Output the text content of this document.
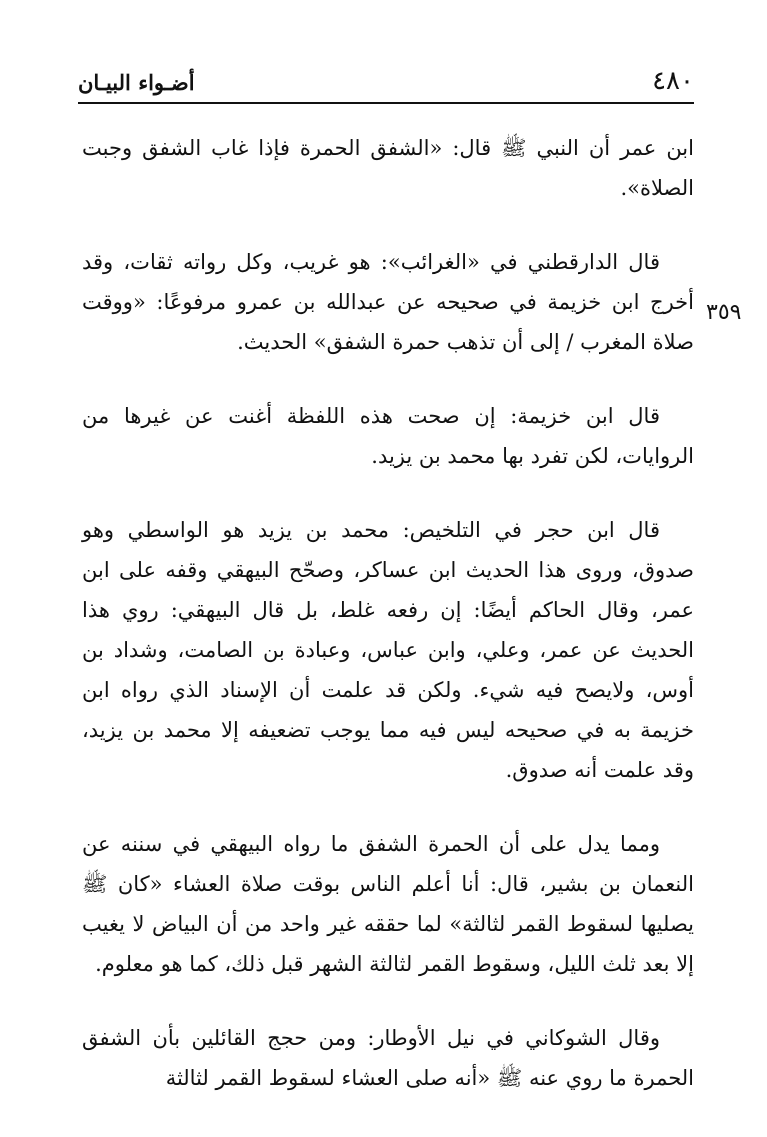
٤٨٠
أضـواء البيـان
٣٥٩

ابن عمر أن النبي ﷺ قال: «الشفق الحمرة فإذا غاب الشفق وجبت الصلاة».

قال الدارقطني في «الغرائب»: هو غريب، وكل رواته ثقات، وقد أخرج ابن خزيمة في صحيحه عن عبدالله بن عمرو مرفوعًا: «ووقت صلاة المغرب / إلى أن تذهب حمرة الشفق» الحديث.

قال ابن خزيمة: إن صحت هذه اللفظة أغنت عن غيرها من الروايات، لكن تفرد بها محمد بن يزيد.

قال ابن حجر في التلخيص: محمد بن يزيد هو الواسطي وهو صدوق، وروى هذا الحديث ابن عساكر، وصحّح البيهقي وقفه على ابن عمر، وقال الحاكم أيضًا: إن رفعه غلط، بل قال البيهقي: روي هذا الحديث عن عمر، وعلي، وابن عباس، وعبادة بن الصامت، وشداد بن أوس، ولايصح فيه شيء. ولكن قد علمت أن الإسناد الذي رواه ابن خزيمة به في صحيحه ليس فيه مما يوجب تضعيفه إلا محمد بن يزيد، وقد علمت أنه صدوق.

ومما يدل على أن الحمرة الشفق ما رواه البيهقي في سننه عن النعمان بن بشير، قال: أنا أعلم الناس بوقت صلاة العشاء «كان ﷺ يصليها لسقوط القمر لثالثة» لما حققه غير واحد من أن البياض لا يغيب إلا بعد ثلث الليل، وسقوط القمر لثالثة الشهر قبل ذلك، كما هو معلوم.

وقال الشوكاني في نيل الأوطار: ومن حجج القائلين بأن الشفق الحمرة ما روي عنه ﷺ «أنه صلى العشاء لسقوط القمر لثالثة
